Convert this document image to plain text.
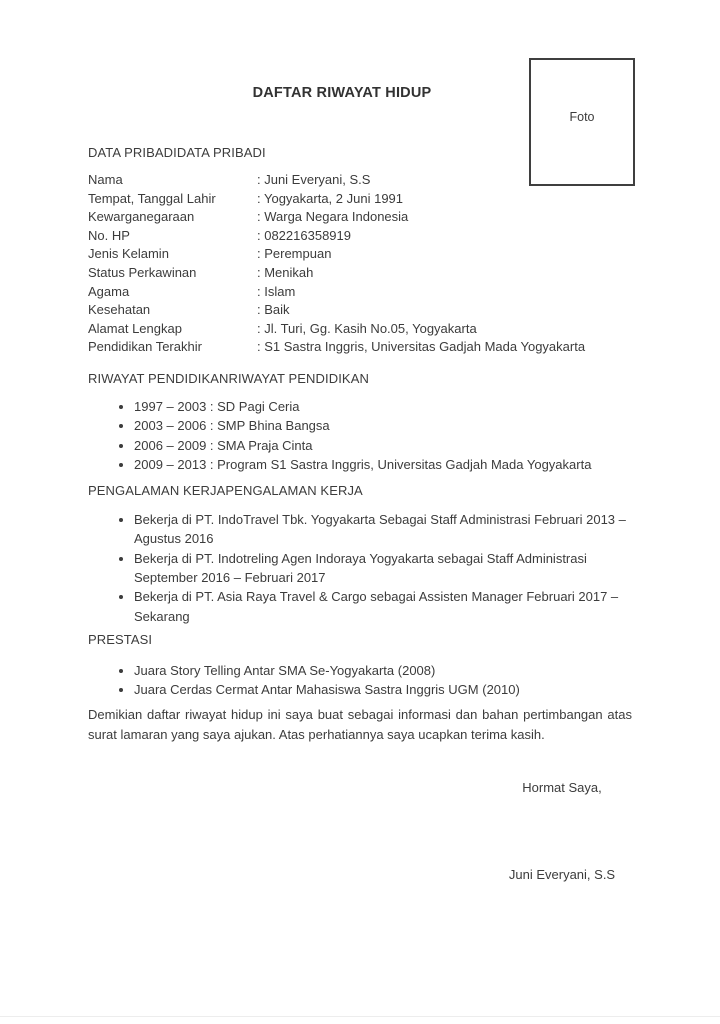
Foto
DAFTAR RIWAYAT HIDUP
DATA PRIBADIDATA PRIBADI
Nama	: Juni Everyani, S.S
Tempat, Tanggal Lahir	: Yogyakarta, 2 Juni 1991
Kewarganegaraan	: Warga Negara Indonesia
No. HP	: 082216358919
Jenis Kelamin	: Perempuan
Status Perkawinan	: Menikah
Agama	: Islam
Kesehatan	: Baik
Alamat Lengkap	: Jl. Turi, Gg. Kasih No.05, Yogyakarta
Pendidikan Terakhir	: S1 Sastra Inggris, Universitas Gadjah Mada Yogyakarta
RIWAYAT PENDIDIKANRIWAYAT PENDIDIKAN
• 1997 – 2003 : SD Pagi Ceria
• 2003 – 2006 : SMP Bhina Bangsa
• 2006 – 2009 : SMA Praja Cinta
• 2009 – 2013 : Program S1 Sastra Inggris, Universitas Gadjah Mada Yogyakarta
PENGALAMAN KERJAPENGALAMAN KERJA
• Bekerja di PT. IndoTravel Tbk. Yogyakarta Sebagai Staff Administrasi Februari 2013 – Agustus 2016
• Bekerja di PT. Indotreling Agen Indoraya Yogyakarta sebagai Staff Administrasi September 2016 – Februari 2017
• Bekerja di PT. Asia Raya Travel & Cargo sebagai Assisten Manager Februari 2017 – Sekarang
PRESTASI
• Juara Story Telling Antar SMA Se-Yogyakarta (2008)
• Juara Cerdas Cermat Antar Mahasiswa Sastra Inggris UGM (2010)

Demikian daftar riwayat hidup ini saya buat sebagai informasi dan bahan pertimbangan atas surat lamaran yang saya ajukan. Atas perhatiannya saya ucapkan terima kasih.

Hormat Saya,
Juni Everyani, S.S
